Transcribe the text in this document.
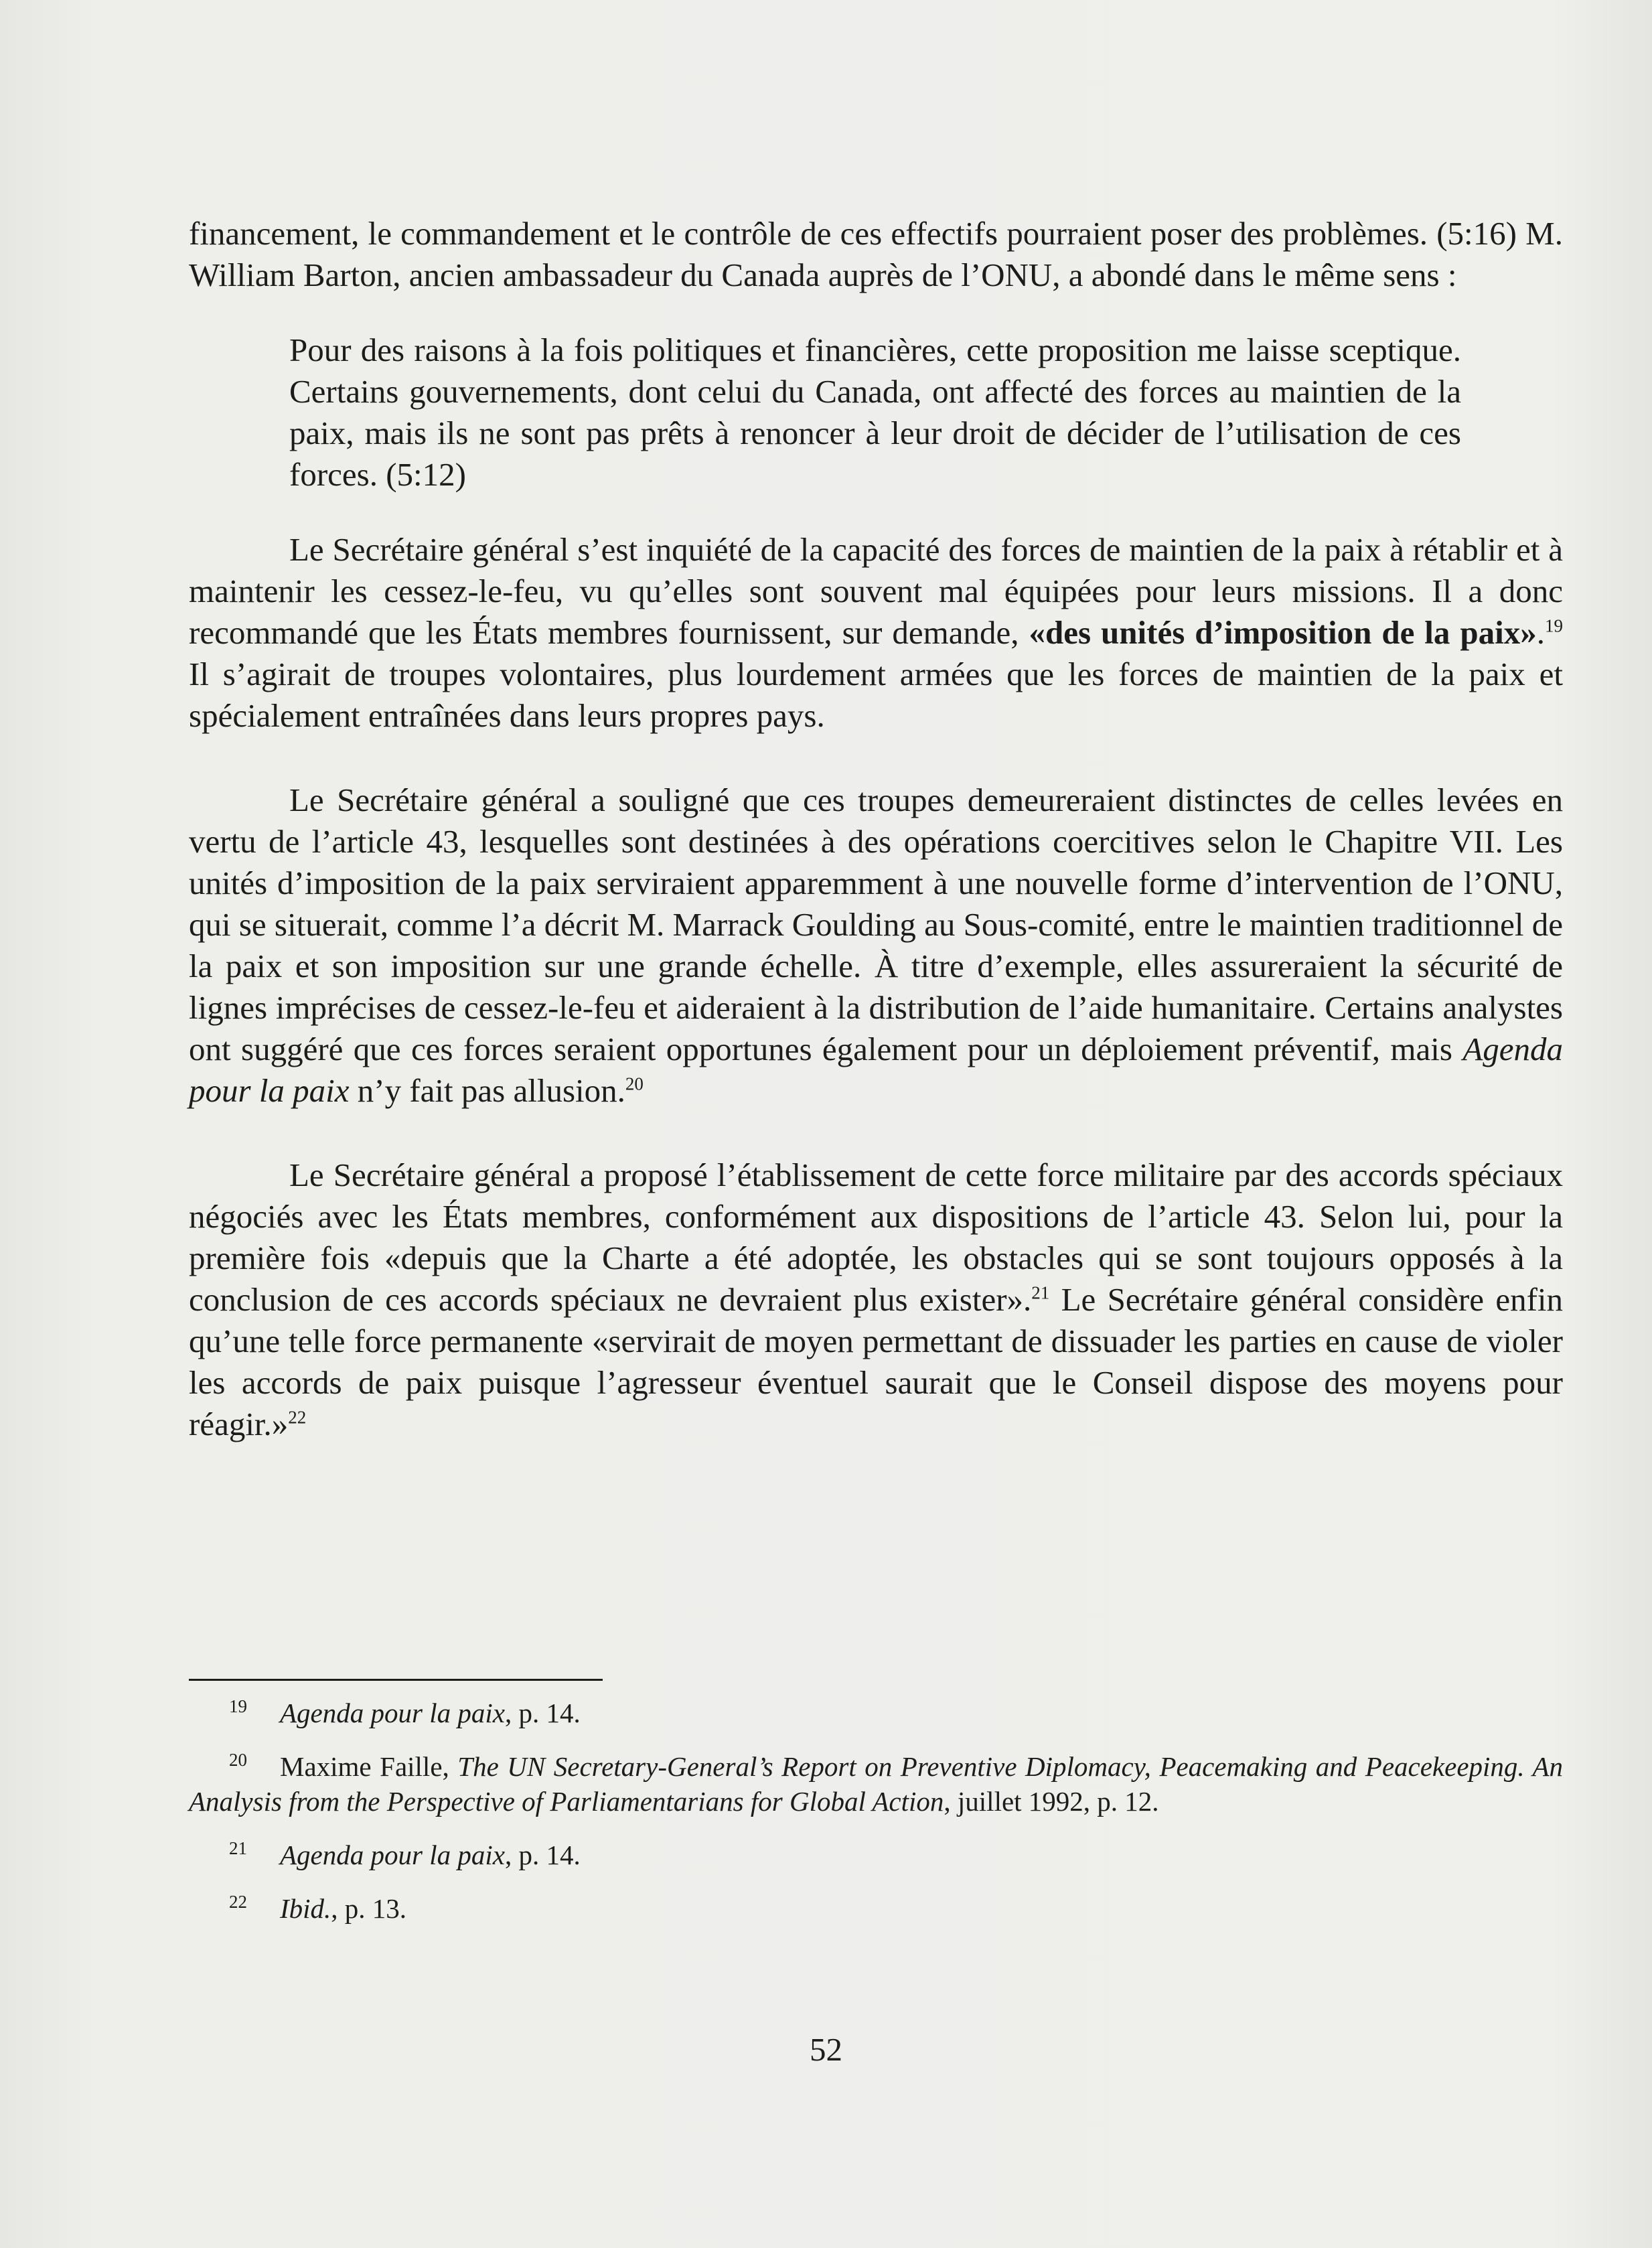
financement, le commandement et le contrôle de ces effectifs pourraient poser des problèmes. (5:16) M. William Barton, ancien ambassadeur du Canada auprès de l’ONU, a abondé dans le même sens :

Pour des raisons à la fois politiques et financières, cette proposition me laisse sceptique. Certains gouvernements, dont celui du Canada, ont affecté des forces au maintien de la paix, mais ils ne sont pas prêts à renoncer à leur droit de décider de l’utilisation de ces forces. (5:12)

Le Secrétaire général s’est inquiété de la capacité des forces de maintien de la paix à rétablir et à maintenir les cessez-le-feu, vu qu’elles sont souvent mal équipées pour leurs missions. Il a donc recommandé que les États membres fournissent, sur demande, «des unités d’imposition de la paix».$^{19}$ Il s’agirait de troupes volontaires, plus lourdement armées que les forces de maintien de la paix et spécialement entraînées dans leurs propres pays.

Le Secrétaire général a souligné que ces troupes demeureraient distinctes de celles levées en vertu de l’article 43, lesquelles sont destinées à des opérations coercitives selon le Chapitre VII. Les unités d’imposition de la paix serviraient apparemment à une nouvelle forme d’intervention de l’ONU, qui se situerait, comme l’a décrit M. Marrack Goulding au Sous-comité, entre le maintien traditionnel de la paix et son imposition sur une grande échelle. À titre d’exemple, elles assureraient la sécurité de lignes imprécises de cessez-le-feu et aideraient à la distribution de l’aide humanitaire. Certains analystes ont suggéré que ces forces seraient opportunes également pour un déploiement préventif, mais Agenda pour la paix n’y fait pas allusion.$^{20}$

Le Secrétaire général a proposé l’établissement de cette force militaire par des accords spéciaux négociés avec les États membres, conformément aux dispositions de l’article 43. Selon lui, pour la première fois «depuis que la Charte a été adoptée, les obstacles qui se sont toujours opposés à la conclusion de ces accords spéciaux ne devraient plus exister».$^{21}$ Le Secrétaire général considère enfin qu’une telle force permanente «servirait de moyen permettant de dissuader les parties en cause de violer les accords de paix puisque l’agresseur éventuel saurait que le Conseil dispose des moyens pour réagir.»$^{22}$

19 Agenda pour la paix, p. 14.

20 Maxime Faille, The UN Secretary-General’s Report on Preventive Diplomacy, Peacemaking and Peacekeeping. An Analysis from the Perspective of Parliamentarians for Global Action, juillet 1992, p. 12.

21 Agenda pour la paix, p. 14.

22 Ibid., p. 13.

52
